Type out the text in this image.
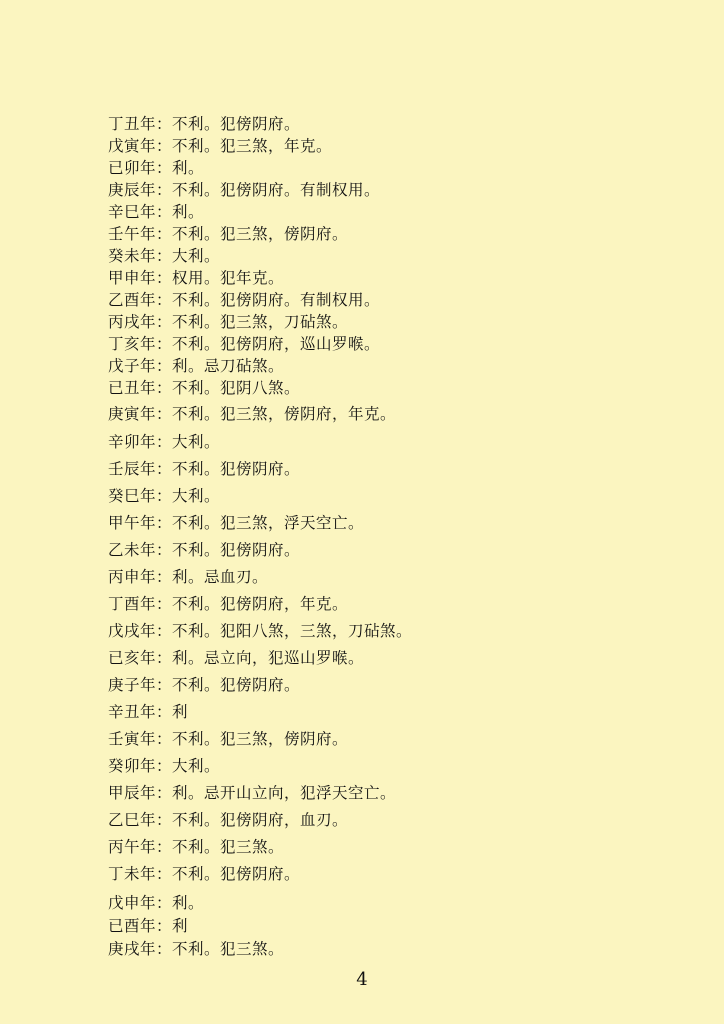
丁丑年：不利。犯傍阴府。
戊寅年：不利。犯三煞，年克。
已卯年：利。
庚辰年：不利。犯傍阴府。有制权用。
辛巳年：利。
壬午年：不利。犯三煞，傍阴府。
癸未年：大利。
甲申年：权用。犯年克。
乙酉年：不利。犯傍阴府。有制权用。
丙戌年：不利。犯三煞，刀砧煞。
丁亥年：不利。犯傍阴府，巡山罗喉。
戊子年：利。忌刀砧煞。
已丑年：不利。犯阴八煞。
庚寅年：不利。犯三煞，傍阴府，年克。
辛卯年：大利。
壬辰年：不利。犯傍阴府。
癸巳年：大利。
甲午年：不利。犯三煞，浮天空亡。
乙未年：不利。犯傍阴府。
丙申年：利。忌血刃。
丁酉年：不利。犯傍阴府，年克。
戊戌年：不利。犯阳八煞，三煞，刀砧煞。
已亥年：利。忌立向，犯巡山罗喉。
庚子年：不利。犯傍阴府。
辛丑年：利
壬寅年：不利。犯三煞，傍阴府。
癸卯年：大利。
甲辰年：利。忌开山立向，犯浮天空亡。
乙巳年：不利。犯傍阴府，血刃。
丙午年：不利。犯三煞。
丁未年：不利。犯傍阴府。
戊申年：利。
已酉年：利
庚戌年：不利。犯三煞。
4
